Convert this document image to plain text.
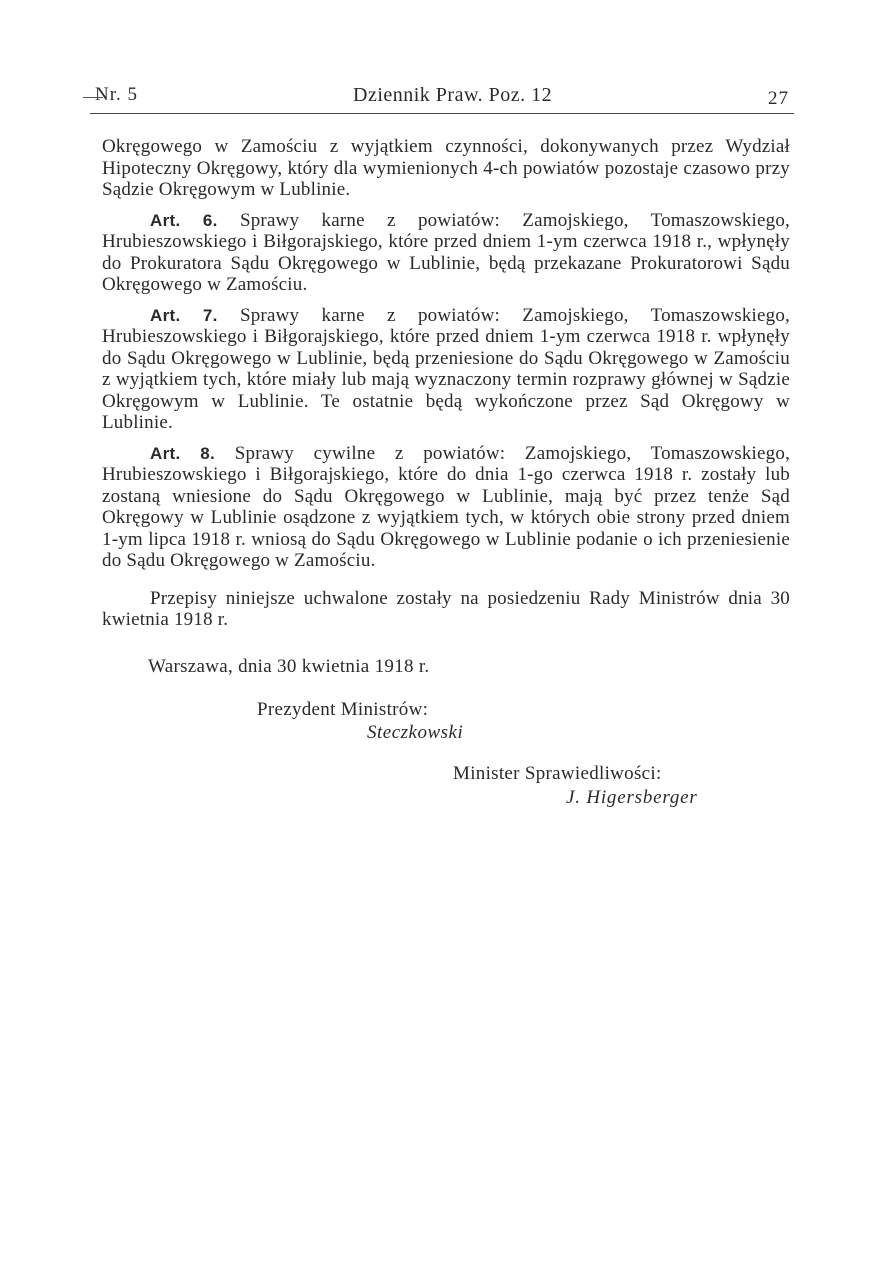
Nr. 5	Dziennik Praw. Poz. 12	27

Okręgowego w Zamościu z wyjątkiem czynności, dokonywanych przez Wydział Hipoteczny Okręgowy, który dla wymienionych 4-ch powiatów pozostaje czasowo przy Sądzie Okręgowym w Lublinie.

Art. 6. Sprawy karne z powiatów: Zamojskiego, Tomaszowskiego, Hrubieszowskiego i Biłgorajskiego, które przed dniem 1-ym czerwca 1918 r., wpłynęły do Prokuratora Sądu Okręgowego w Lublinie, będą przekazane Prokuratorowi Sądu Okręgowego w Zamościu.

Art. 7. Sprawy karne z powiatów: Zamojskiego, Tomaszowskiego, Hrubieszowskiego i Biłgorajskiego, które przed dniem 1-ym czerwca 1918 r. wpłynęły do Sądu Okręgowego w Lublinie, będą przeniesione do Sądu Okręgowego w Zamościu z wyjątkiem tych, które miały lub mają wyznaczony termin rozprawy głównej w Sądzie Okręgowym w Lublinie. Te ostatnie będą wykończone przez Sąd Okręgowy w Lublinie.

Art. 8. Sprawy cywilne z powiatów: Zamojskiego, Tomaszowskiego, Hrubieszowskiego i Biłgorajskiego, które do dnia 1-go czerwca 1918 r. zostały lub zostaną wniesione do Sądu Okręgowego w Lublinie, mają być przez tenże Sąd Okręgowy w Lublinie osądzone z wyjątkiem tych, w których obie strony przed dniem 1-ym lipca 1918 r. wniosą do Sądu Okręgowego w Lublinie podanie o ich przeniesienie do Sądu Okręgowego w Zamościu.

Przepisy niniejsze uchwalone zostały na posiedzeniu Rady Ministrów dnia 30 kwietnia 1918 r.

Warszawa, dnia 30 kwietnia 1918 r.
Prezydent Ministrów:
Steczkowski
Minister Sprawiedliwości:
J. Higersberger
